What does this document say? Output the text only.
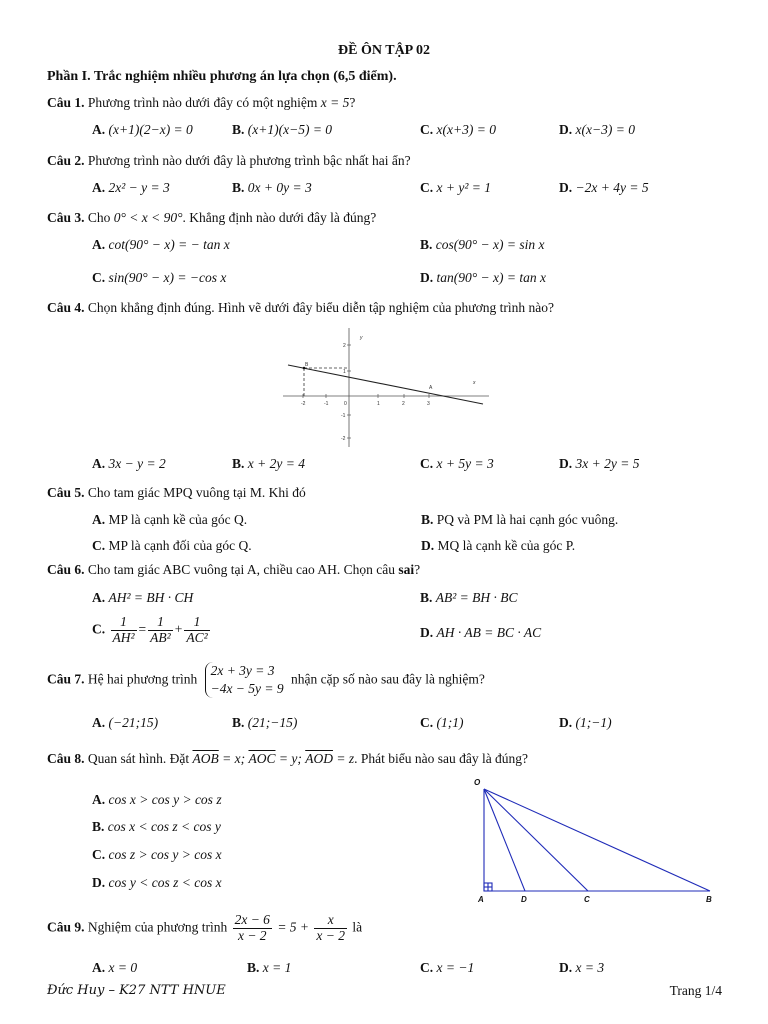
ĐỀ ÔN TẬP 02
Phần I. Trắc nghiệm nhiều phương án lựa chọn (6,5 điểm).
Câu 1. Phương trình nào dưới đây có một nghiệm x = 5?
A. (x+1)(2−x) = 0	B. (x+1)(x−5) = 0	C. x(x+3) = 0	D. x(x−3) = 0
Câu 2. Phương trình nào dưới đây là phương trình bậc nhất hai ẩn?
A. 2x² − y = 3	B. 0x + 0y = 3	C. x + y² = 1	D. −2x + 4y = 5
Câu 3. Cho 0° < x < 90°. Khẳng định nào dưới đây là đúng?
A. cot(90° − x) = − tan x	B. cos(90° − x) = sin x
C. sin(90° − x) = −cos x	D. tan(90° − x) = tan x
Câu 4. Chọn khẳng định đúng. Hình vẽ dưới đây biểu diễn tập nghiệm của phương trình nào?
-2	-1	0	1	2	3
2
1
-1
-2
x
y
B
A
A. 3x − y = 2	B. x + 2y = 4	C. x + 5y = 3	D. 3x + 2y = 5
Câu 5. Cho tam giác MPQ vuông tại M. Khi đó
A. MP là cạnh kề của góc Q.	B. PQ và PM là hai cạnh góc vuông.
C. MP là cạnh đối của góc Q.	D. MQ là cạnh kề của góc P.
Câu 6. Cho tam giác ABC vuông tại A, chiều cao AH. Chọn câu sai?
A. AH² = BH · CH	B. AB² = BH · BC
C. $\frac{1}{\text{AH²}} = \frac{1}{\text{AB²}} + \frac{1}{\text{AC²}}$	D. AH · AB = BC · AC
Câu 7. Hệ hai phương trình
2x + 3y = 3
−4x − 5y = 9
nhận cặp số nào sau đây là nghiệm?
A. (−21;15)	B. (21;−15)	C. (1;1)	D. (1;−1)
Câu 8. Quan sát hình. Đặt $\overline{AOB} = x$; $\overline{AOC} = y$; $\overline{AOD} = z$. Phát biểu nào sau đây là đúng?
A. cos x > cos y > cos z
B. cos x < cos z < cos y
C. cos z > cos y > cos x
D. cos y < cos z < cos x
O
A	D	C	B
Câu 9. Nghiệm của phương trình $\frac{2x - 6}{x - 2} = 5 + \frac{x}{x - 2}$ là
A. x = 0	B. x = 1	C. x = −1	D. x = 3
Đức Huy – K27 NTT HNUE	Trang 1/4
